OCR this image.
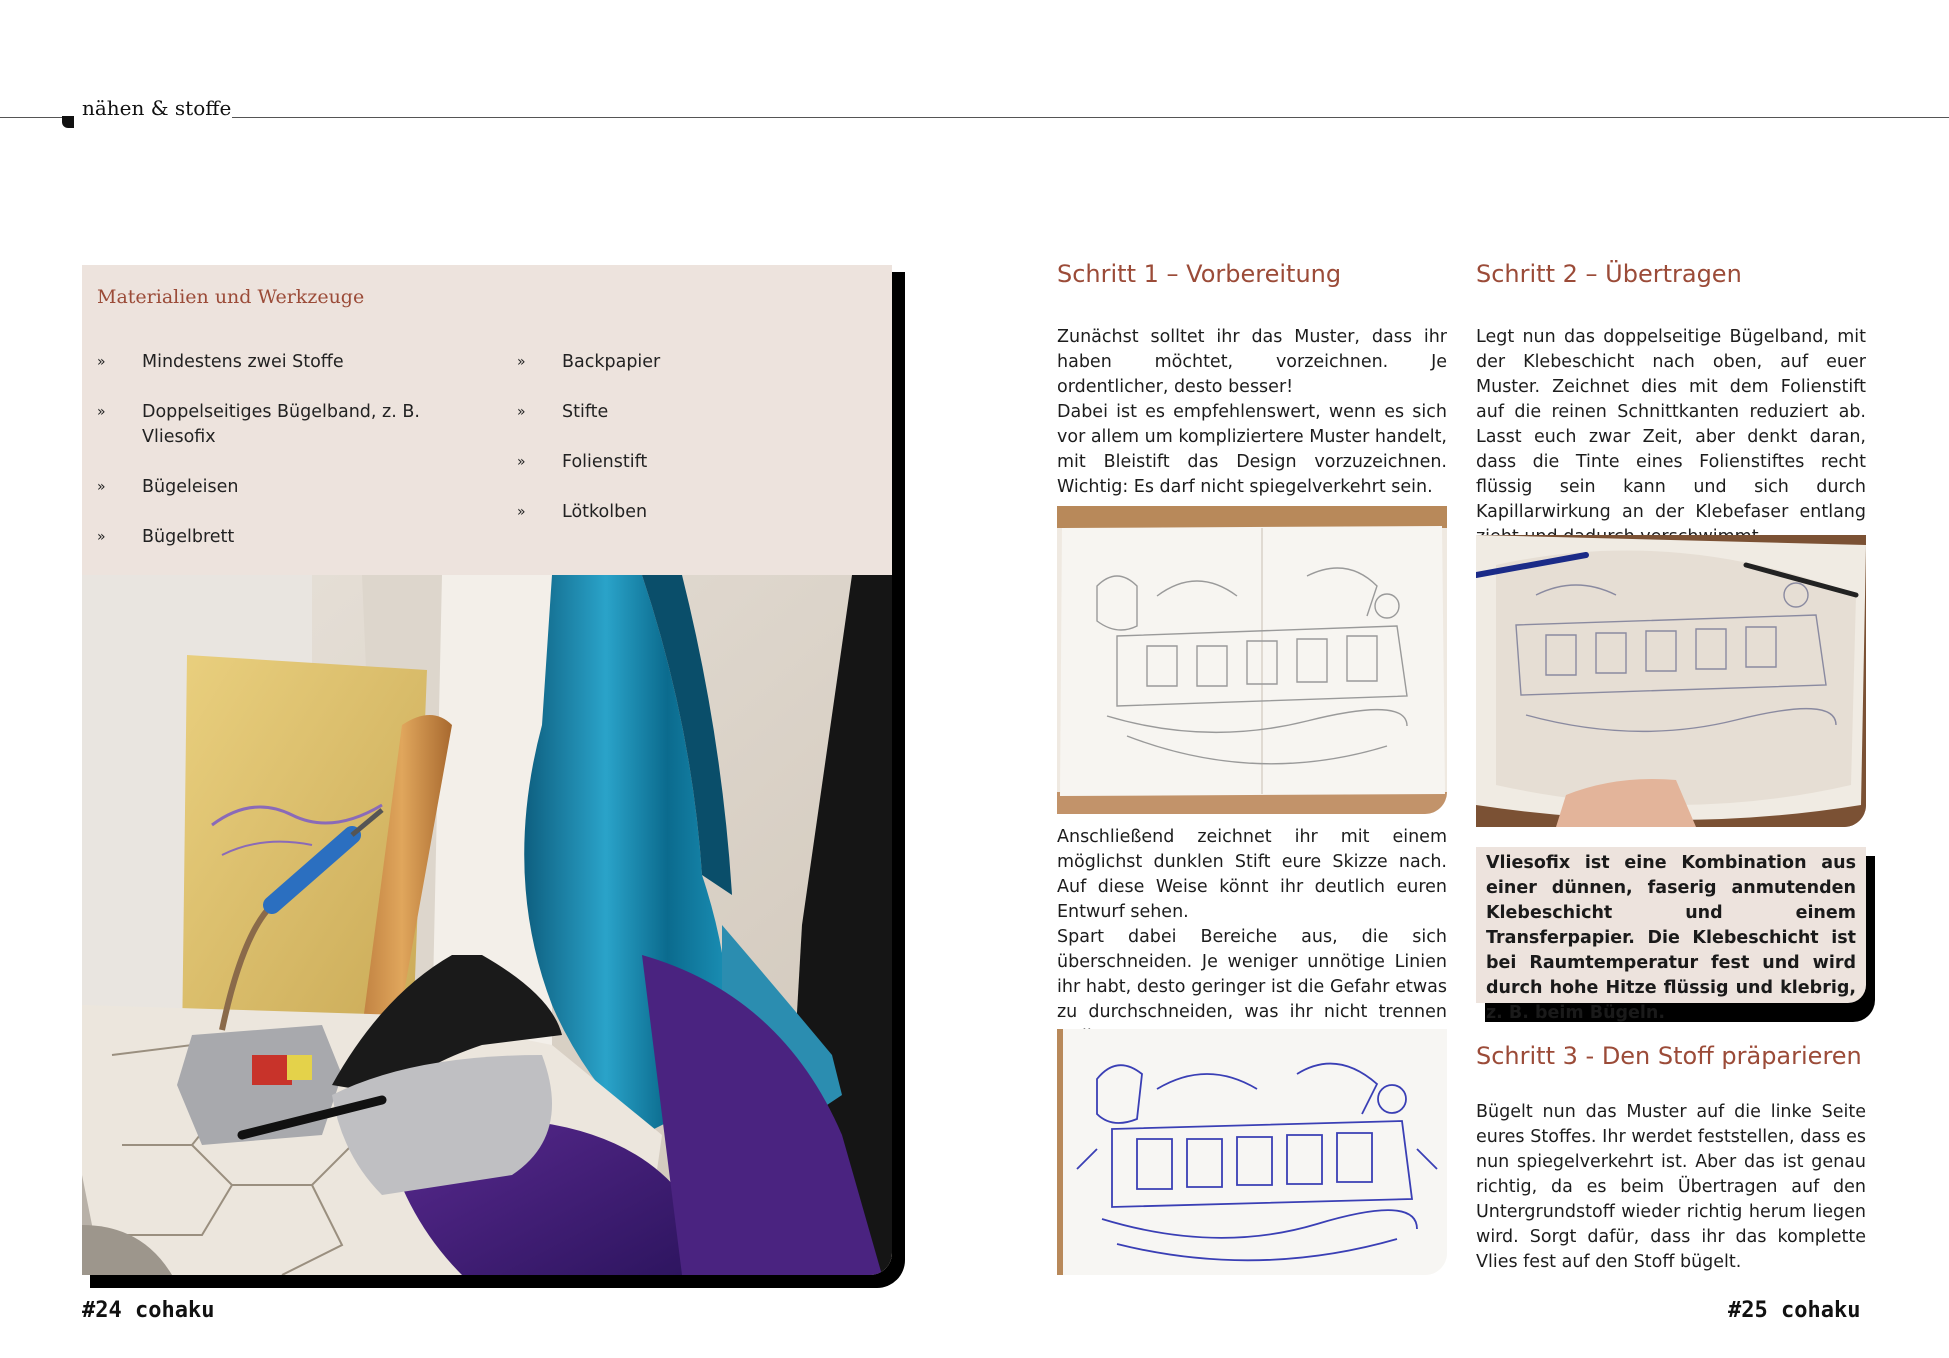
nähen & stoffe
Materialien und Werkzeuge
»	Mindestens zwei Stoffe
»	Doppelseitiges Bügelband, z. B. Vliesofix
»	Bügeleisen
»	Bügelbrett
»	Backpapier
»	Stifte
»	Folienstift
»	Lötkolben
Schritt 1 – Vorbereitung

Zunächst solltet ihr das Muster, dass ihr haben möchtet, vorzeichnen. Je ordentlicher, desto besser!

Dabei ist es empfehlenswert, wenn es sich vor allem um kompliziertere Muster handelt, mit Bleistift das Design vorzuzeichnen. Wichtig: Es darf nicht spiegelverkehrt sein.

Anschließend zeichnet ihr mit einem möglichst dunklen Stift eure Skizze nach. Auf diese Weise könnt ihr deutlich euren Entwurf sehen.

Spart dabei Bereiche aus, die sich überschneiden. Je weniger unnötige Linien ihr habt, desto geringer ist die Gefahr etwas zu durchschneiden, was ihr nicht trennen

Schritt 2 – Übertragen

Legt nun das doppelseitige Bügelband, mit der Klebeschicht nach oben, auf euer Muster. Zeichnet dies mit dem Folienstift auf die reinen Schnittkanten reduziert ab. Lasst euch zwar Zeit, aber denkt daran, dass die Tinte eines Folienstiftes recht flüssig sein kann und sich durch Kapillarwirkung an der Klebefaser entlang

Vliesofix ist eine Kombination aus einer dünnen, faserig anmutenden Klebeschicht und einem Transferpapier. Die Klebeschicht ist bei Raumtemperatur fest und wird durch hohe Hitze flüssig und klebrig, z. B. beim Bügeln.
Schritt 3 - Den Stoff präparieren

Bügelt nun das Muster auf die linke Seite eures Stoffes. Ihr werdet feststellen, dass es nun spiegelverkehrt ist. Aber das ist genau richtig, da es beim Übertragen auf den Untergrundstoff wieder richtig herum liegen wird. Sorgt dafür, dass ihr das komplette Vlies fest auf den Stoff bügelt.

#24 cohaku	#25 cohaku
